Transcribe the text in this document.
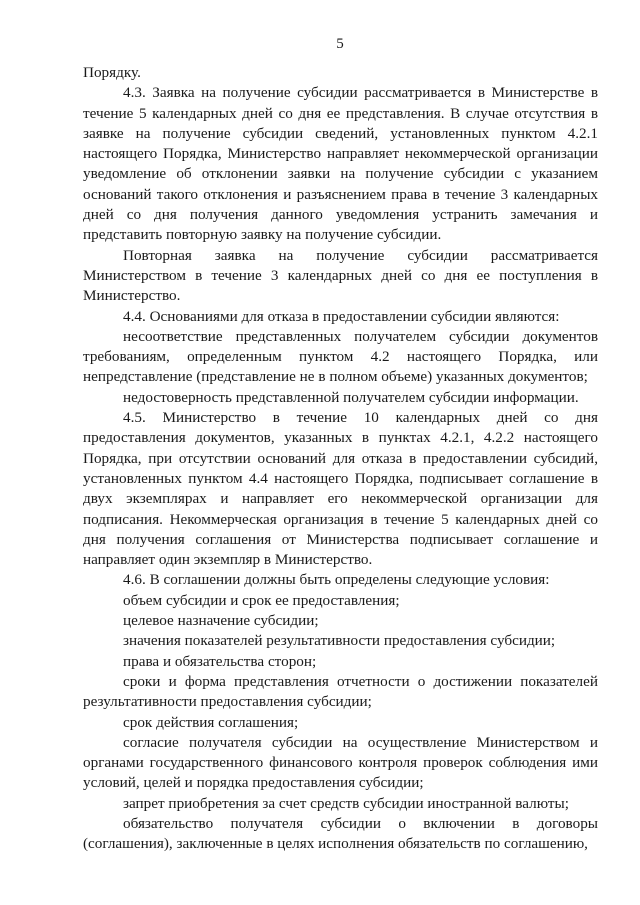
5

Порядку.

4.3. Заявка на получение субсидии рассматривается в Министерстве в течение 5 календарных дней со дня ее представления. В случае отсутствия в заявке на получение субсидии сведений, установленных пунктом 4.2.1 настоящего Порядка, Министерство направляет некоммерческой организации уведомление об отклонении заявки на получение субсидии с указанием оснований такого отклонения и разъяснением права в течение 3 календарных дней со дня получения данного уведомления устранить замечания и представить повторную заявку на получение субсидии.

Повторная заявка на получение субсидии рассматривается Министерством в течение 3 календарных дней со дня ее поступления в Министерство.

4.4. Основаниями для отказа в предоставлении субсидии являются:

несоответствие представленных получателем субсидии документов требованиям, определенным пунктом 4.2 настоящего Порядка, или непредставление (представление не в полном объеме) указанных документов;

недостоверность представленной получателем субсидии информации.

4.5. Министерство в течение 10 календарных дней со дня предоставления документов, указанных в пунктах 4.2.1, 4.2.2 настоящего Порядка, при отсутствии оснований для отказа в предоставлении субсидий, установленных пунктом 4.4 настоящего Порядка, подписывает соглашение в двух экземплярах и направляет его некоммерческой организации для подписания. Некоммерческая организация в течение 5 календарных дней со дня получения соглашения от Министерства подписывает соглашение и направляет один экземпляр в Министерство.

4.6. В соглашении должны быть определены следующие условия:

объем субсидии и срок ее предоставления;

целевое назначение субсидии;

значения показателей результативности предоставления субсидии;

права и обязательства сторон;

сроки и форма представления отчетности о достижении показателей результативности предоставления субсидии;

срок действия соглашения;

согласие получателя субсидии на осуществление Министерством и органами государственного финансового контроля проверок соблюдения ими условий, целей и порядка предоставления субсидии;

запрет приобретения за счет средств субсидии иностранной валюты;

обязательство получателя субсидии о включении в договоры (соглашения), заключенные в целях исполнения обязательств по соглашению,
